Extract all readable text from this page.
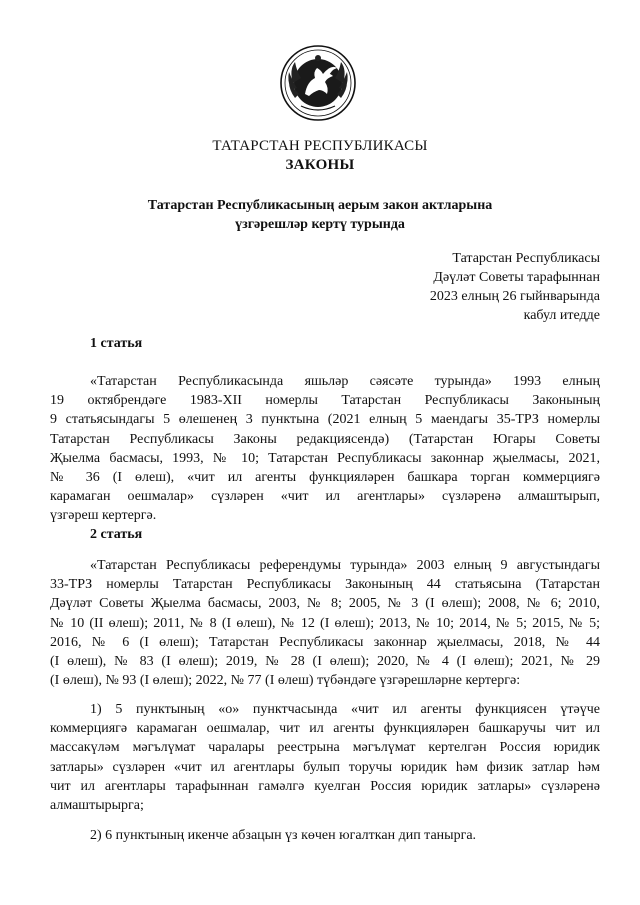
ТАТАРСТАН РЕСПУБЛИКАСЫ
ЗАКОНЫ
Татарстан Республикасының аерым закон актларына
үзгәрешләр кертү турында
Татарстан Республикасы
Дәүләт Советы тарафыннан
2023 елның 26 гыйнварында
кабул итедде
1 статья
«Татарстан Республикасында яшьләр сәясәте турында» 1993 елның
19 октябрендәге 1983-XII номерлы Татарстан Республикасы Законының
9 статьясындагы 5 өлешенең 3 пунктына (2021 елның 5 маендагы 35-ТРЗ номерлы
Татарстан Республикасы Законы редакциясендә) (Татарстан Югары Советы
Җыелма басмасы, 1993, № 10; Татарстан Республикасы законнар җыелмасы, 2021,
№ 36 (I өлеш), «чит ил агенты функцияләрен башкара торган коммерциягә
карамаган оешмалар» сүзләрен «чит ил агентлары» сүзләренә алмаштырып,
үзгәреш кертергә.
2 статья
«Татарстан Республикасы референдумы турында» 2003 елның 9 августындагы
33-ТРЗ номерлы Татарстан Республикасы Законының 44 статьясына (Татарстан
Дәүләт Советы Җыелма басмасы, 2003, № 8; 2005, № 3 (I өлеш); 2008, № 6; 2010,
№ 10 (II өлеш); 2011, № 8 (I өлеш), № 12 (I өлеш); 2013, № 10; 2014, № 5; 2015, № 5;
2016, № 6 (I өлеш); Татарстан Республикасы законнар җыелмасы, 2018, № 44
(I өлеш), № 83 (I өлеш); 2019, № 28 (I өлеш); 2020, № 4 (I өлеш); 2021, № 29
(I өлеш), № 93 (I өлеш); 2022, № 77 (I өлеш) түбәндәге үзгәрешләрне кертергә:
1) 5 пунктының «о» пунктчасында «чит ил агенты функциясен үтәүче
коммерциягә карамаган оешмалар, чит ил агенты функцияләрен башкаручы чит ил
массакүләм мәгълүмат чаралары реестрына мәгълүмат кертелгән Россия юридик
затлары» сүзләрен «чит ил агентлары булып торучы юридик һәм физик затлар һәм
чит ил агентлары тарафыннан гамәлгә куелган Россия юридик затлары» сүзләренә
алмаштырырга;
2) 6 пунктының икенче абзацын үз көчен югалткан дип танырга.
